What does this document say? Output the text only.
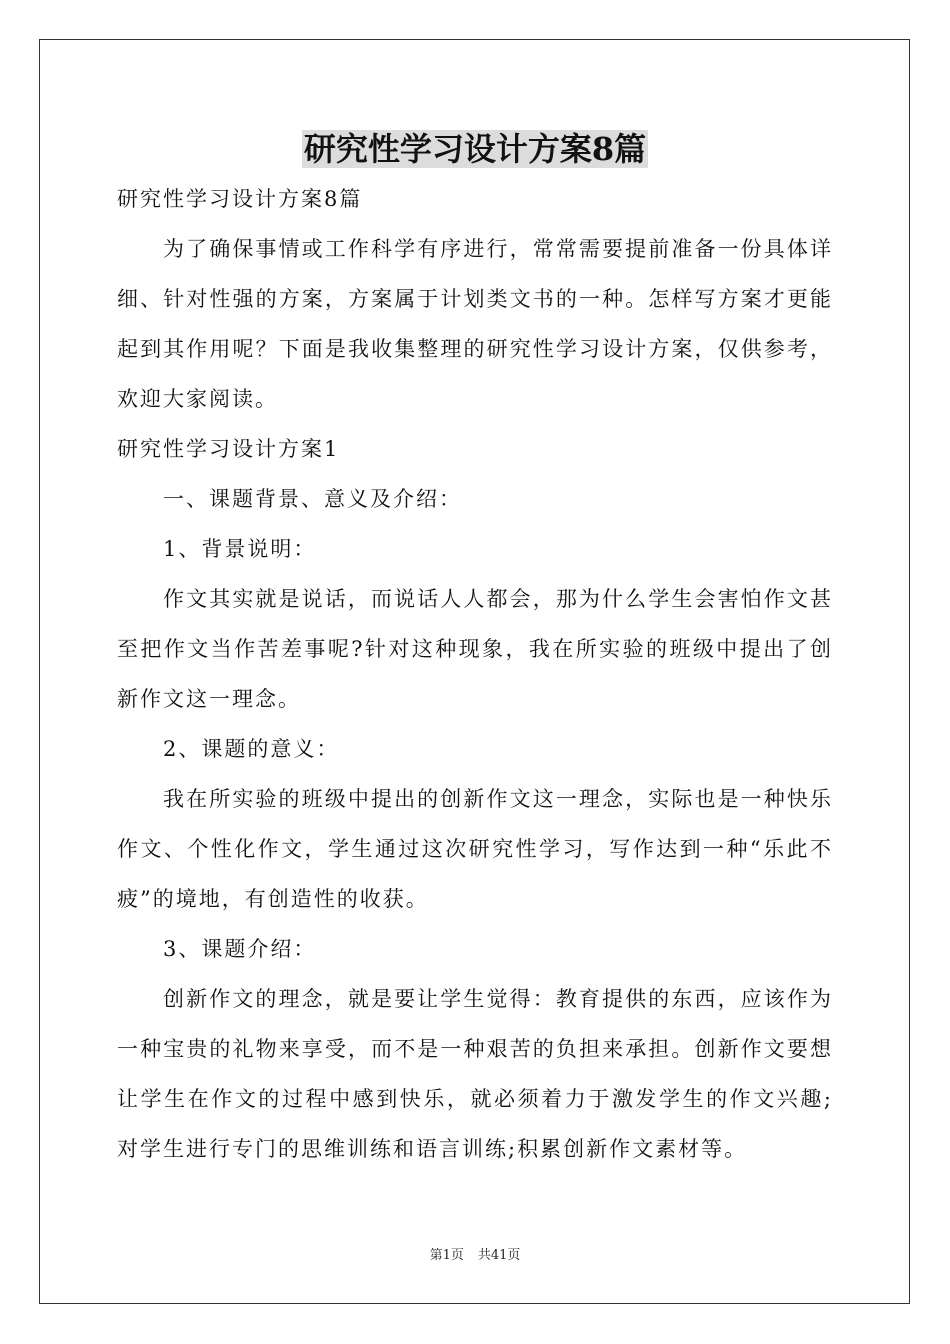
研究性学习设计方案8篇

研究性学习设计方案8篇

为了确保事情或工作科学有序进行，常常需要提前准备一份具体详细、针对性强的方案，方案属于计划类文书的一种。怎样写方案才更能起到其作用呢？下面是我收集整理的研究性学习设计方案，仅供参考，欢迎大家阅读。

研究性学习设计方案1

一、课题背景、意义及介绍：

1、背景说明：

作文其实就是说话，而说话人人都会，那为什么学生会害怕作文甚至把作文当作苦差事呢?针对这种现象，我在所实验的班级中提出了创新作文这一理念。

2、课题的意义：

我在所实验的班级中提出的创新作文这一理念，实际也是一种快乐作文、个性化作文，学生通过这次研究性学习，写作达到一种“乐此不疲”的境地，有创造性的收获。

3、课题介绍：

创新作文的理念，就是要让学生觉得：教育提供的东西，应该作为一种宝贵的礼物来享受，而不是一种艰苦的负担来承担。创新作文要想让学生在作文的过程中感到快乐，就必须着力于激发学生的作文兴趣;对学生进行专门的思维训练和语言训练;积累创新作文素材等。

第1页 共41页
